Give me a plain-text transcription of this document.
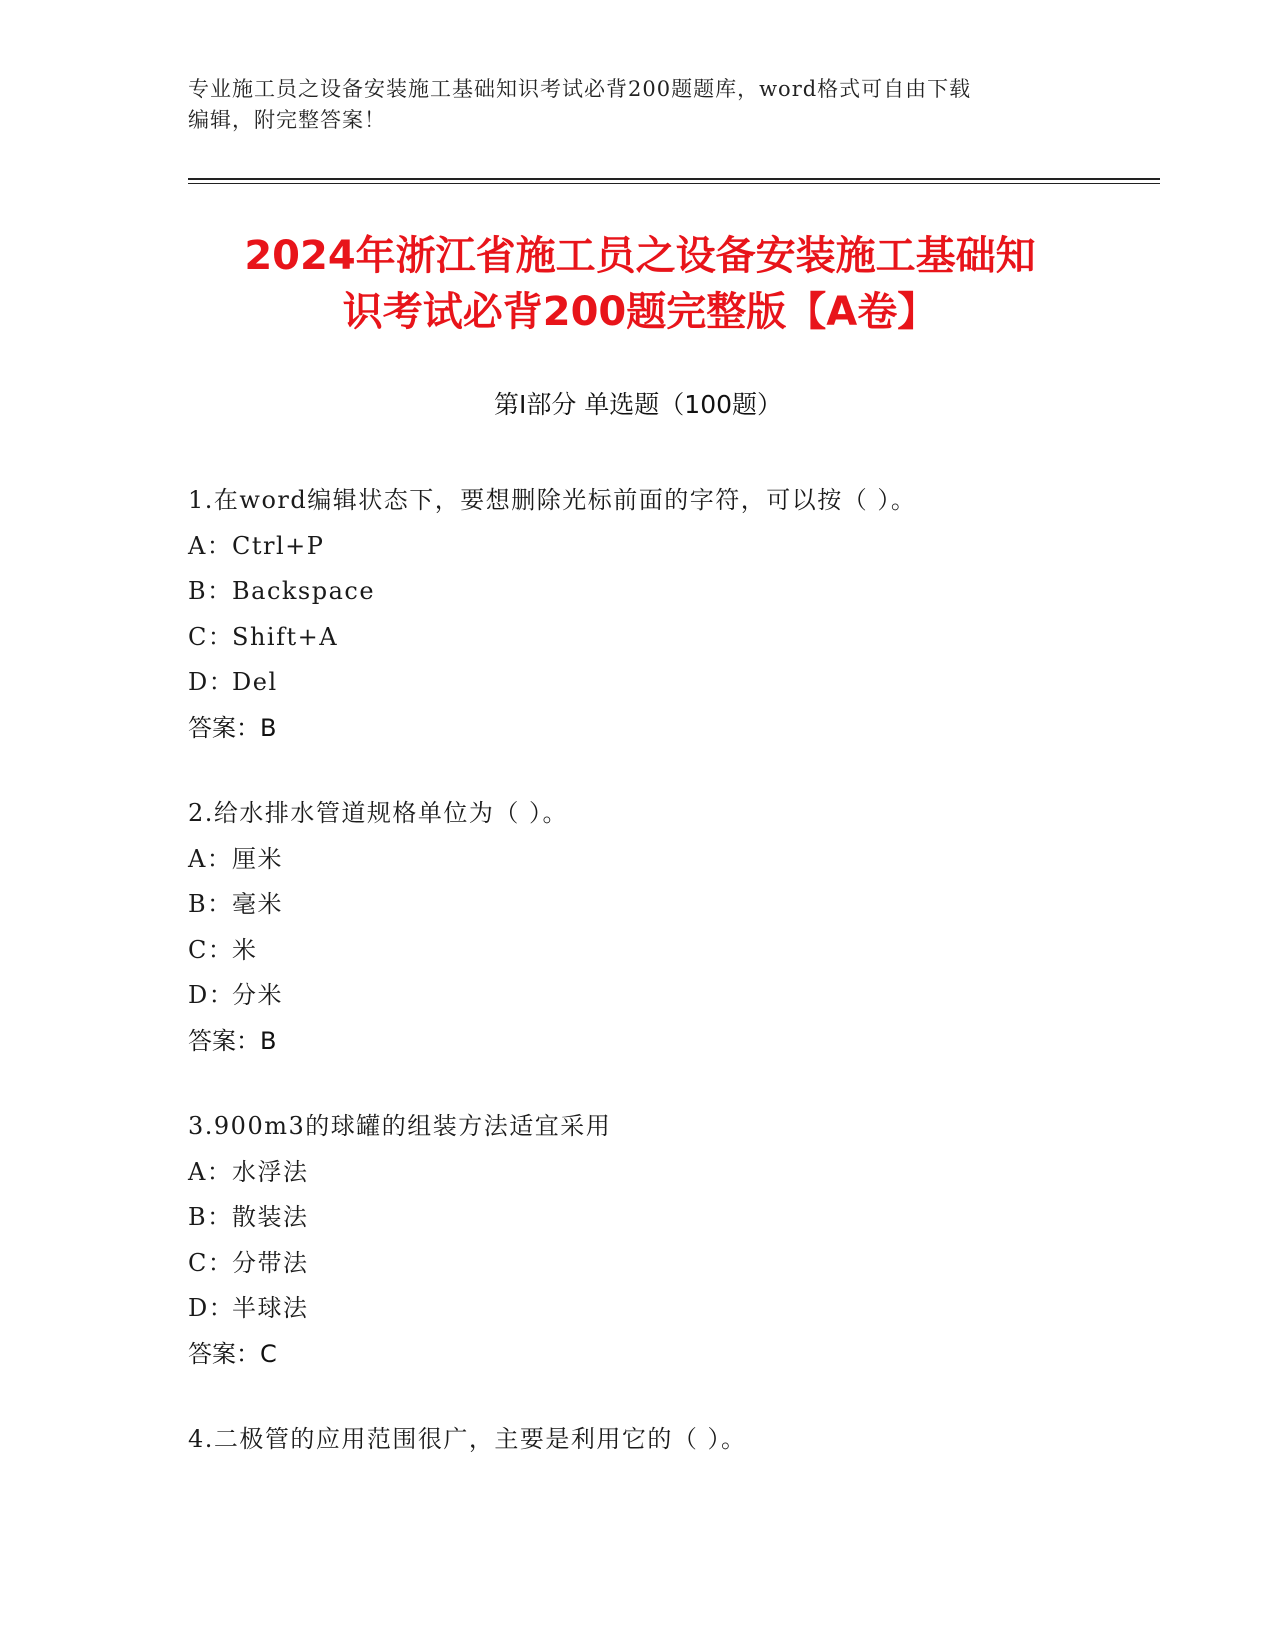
专业施工员之设备安装施工基础知识考试必背200题题库，word格式可自由下载
编辑，附完整答案！
2024年浙江省施工员之设备安装施工基础知
识考试必背200题完整版【A卷】
第Ⅰ部分 单选题（100题）
1.在word编辑状态下，要想删除光标前面的字符，可以按（ ）。
A：Ctrl+P
B：Backspace
C：Shift+A
D：Del
答案：B
2.给水排水管道规格单位为（ ）。
A：厘米
B：毫米
C：米
D：分米
答案：B
3.900m3的球罐的组装方法适宜采用
A：水浮法
B：散装法
C：分带法
D：半球法
答案：C
4.二极管的应用范围很广，主要是利用它的（ ）。
